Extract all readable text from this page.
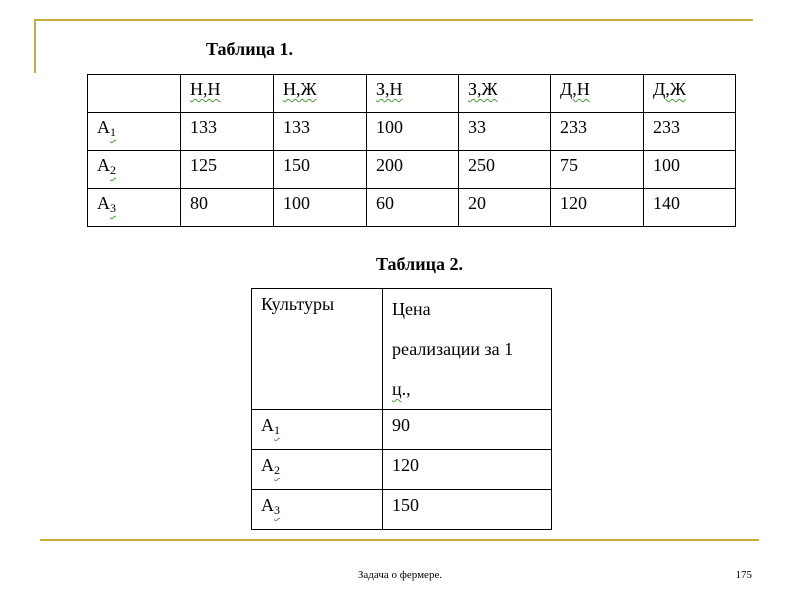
Таблица 1.
	Н,Н	Н,Ж	З,Н	З,Ж	Д,Н	Д,Ж
$A_1$	133	133	100	33	233	233
$A_2$	125	150	200	250	75	100
$A_3$	80	100	60	20	120	140
Таблица 2.
Культуры	Цена
реализации за 1
ц.,
$A_1$	90
$A_2$	120
$A_3$	150
Задача о фермере.	175
